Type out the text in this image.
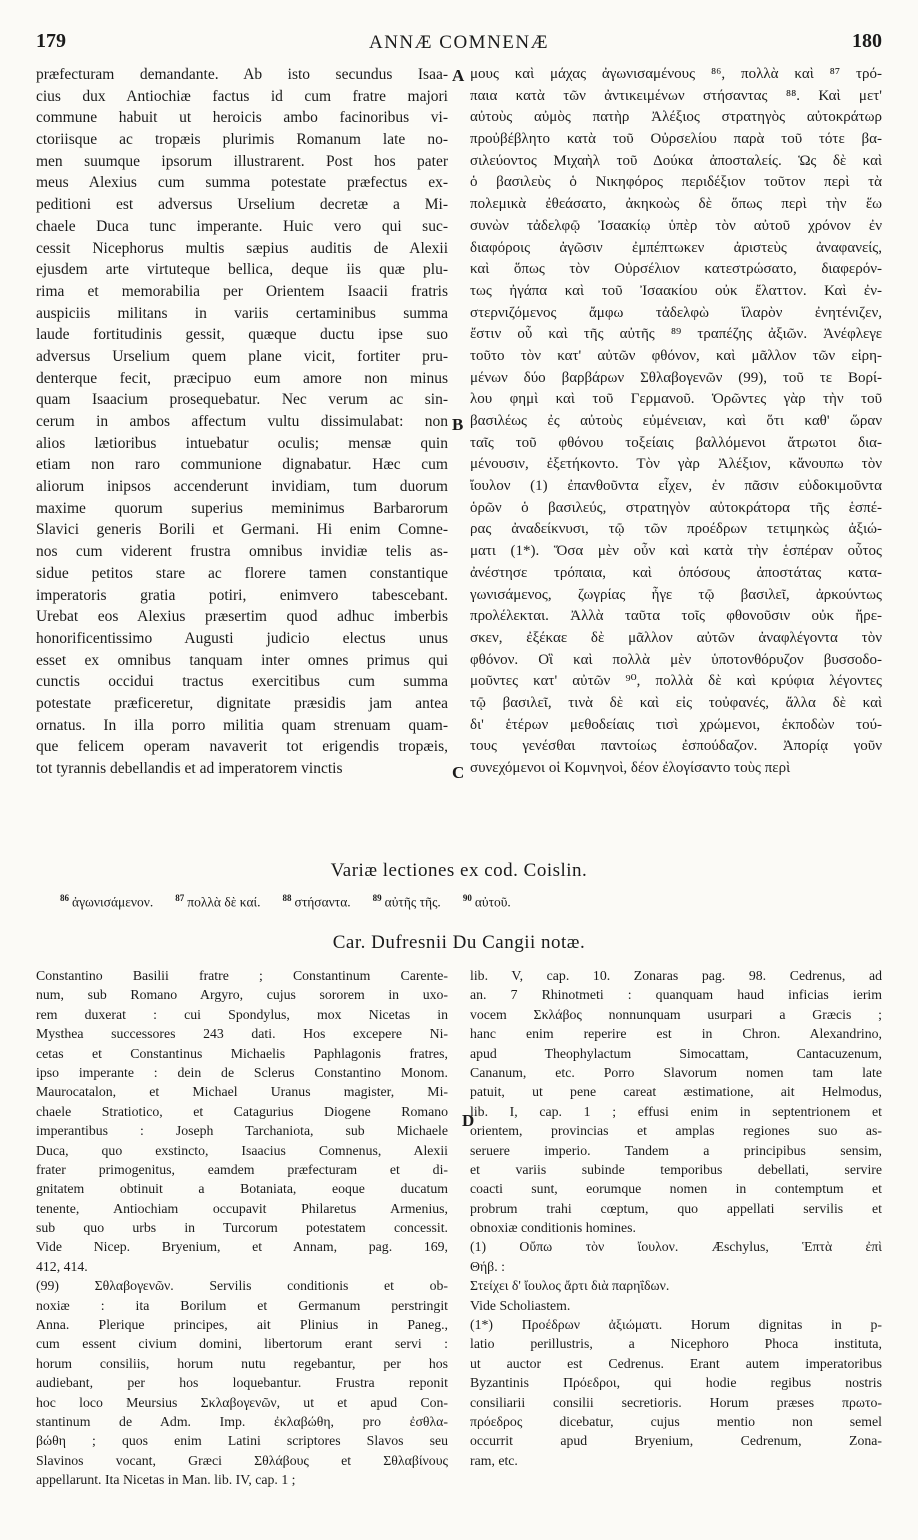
179	ANNÆ COMNENÆ	180
præfecturam demandante. Ab isto secundus Isaa-
cius dux Antiochiæ factus id cum fratre majori
commune habuit ut heroicis ambo facinoribus vi-
ctoriisque ac tropæis plurimis Romanum late no-
men suumque ipsorum illustrarent. Post hos pater
meus Alexius cum summa potestate præfectus ex-
peditioni est adversus Urselium decretæ a Mi-
chaele Duca tunc imperante. Huic vero qui suc-
cessit Nicephorus multis sæpius auditis de Alexii
ejusdem arte virtuteque bellica, deque iis quæ plu-
rima et memorabilia per Orientem Isaacii fratris
auspiciis militans in variis certaminibus summa
laude fortitudinis gessit, quæque ductu ipse suo
adversus Urselium quem plane vicit, fortiter pru-
denterque fecit, præcipuo eum amore non minus
quam Isaacium prosequebatur. Nec verum ac sin-
cerum in ambos affectum vultu dissimulabat: non
alios lætioribus intuebatur oculis; mensæ quin
etiam non raro communione dignabatur. Hæc cum
aliorum inipsos accenderunt invidiam, tum duorum
maxime quorum superius meminimus Barbarorum
Slavici generis Borili et Germani. Hi enim Comne-
nos cum viderent frustra omnibus invidiæ telis as-
sidue petitos stare ac florere tamen constantique
imperatoris gratia potiri, enimvero tabescebant.
Urebat eos Alexius præsertim quod adhuc imberbis
honorificentissimo Augusti judicio electus unus
esset ex omnibus tanquam inter omnes primus qui
cunctis occidui tractus exercitibus cum summa
potestate præficeretur, dignitate præsidis jam antea
ornatus. In illa porro militia quam strenuam quam-
que felicem operam navaverit tot erigendis tropæis,
tot tyrannis debellandis et ad imperatorem vinctis
μους καὶ μάχας ἀγωνισαμένους ⁸⁶, πολλὰ καὶ ⁸⁷ τρό-
παια κατὰ τῶν ἀντικειμένων στήσαντας ⁸⁸. Καὶ μετ'
αὐτοὺς αὐμὸς πατὴρ Ἀλέξιος στρατηγὸς αὐτοκράτωρ
προὐβέβλητο κατὰ τοῦ Οὐρσελίου παρὰ τοῦ τότε βα-
σιλεύοντος Μιχαὴλ τοῦ Δούκα ἀποσταλείς. Ὡς δὲ καὶ
ὁ βασιλεὺς ὁ Νικηφόρος περιδέξιον τοῦτον περὶ τὰ
πολεμικὰ ἐθεάσατο, ἀκηκοὼς δὲ ὅπως περὶ τὴν ἕω
συνὼν τἀδελφῷ Ἰσαακίῳ ὑπὲρ τὸν αὐτοῦ χρόνον ἐν
διαφόροις ἀγῶσιν ἐμπέπτωκεν ἀριστεὺς ἀναφανείς,
καὶ ὅπως τὸν Οὐρσέλιον κατεστρώσατο, διαφερόν-
τως ἠγάπα καὶ τοῦ Ἰσαακίου οὐκ ἔλαττον. Καὶ ἐν-
στερνιζόμενος ἄμφω τἀδελφὼ ἵλαρὸν ἐνητένιζεν,
ἔστιν οὗ καὶ τῆς αὐτῆς ⁸⁹ τραπέζης ἀξιῶν. Ἀνέφλεγε
τοῦτο τὸν κατ' αὐτῶν φθόνον, καὶ μᾶλλον τῶν εἰρη-
μένων δύο βαρβάρων Σθλαβογενῶν (99), τοῦ τε Βορί-
λου φημὶ καὶ τοῦ Γερμανοῦ. Ὁρῶντες γὰρ τὴν τοῦ
βασιλέως ἐς αὐτοὺς εὐμένειαν, καὶ ὅτι καθ' ὥραν
ταῖς τοῦ φθόνου τοξείαις βαλλόμενοι ἄτρωτοι δια-
μένουσιν, ἐξετήκοντο. Τὸν γὰρ Ἀλέξιον, κἄνουπω τὸν
ἴουλον (1) ἐπανθοῦντα εἶχεν, ἐν πᾶσιν εὐδοκιμοῦντα
ὁρῶν ὁ βασιλεύς, στρατηγὸν αὐτοκράτορα τῆς ἑσπέ-
ρας ἀναδείκνυσι, τῷ τῶν προέδρων τετιμηκὼς ἀξιώ-
ματι (1*). Ὅσα μὲν οὖν καὶ κατὰ τὴν ἑσπέραν οὗτος
ἀνέστησε τρόπαια, καὶ ὁπόσους ἀποστάτας κατα-
γωνισάμενος, ζωγρίας ἦγε τῷ βασιλεῖ, ἀρκούντως
προλέλεκται. Ἀλλὰ ταῦτα τοῖς φθονοῦσιν οὐκ ἤρε-
σκεν, ἐξέκαε δὲ μᾶλλον αὐτῶν ἀναφλέγοντα τὸν
φθόνον. Οἳ καὶ πολλὰ μὲν ὑποτονθόρυζον βυσσοδο-
μοῦντες κατ' αὐτῶν ⁹⁰, πολλὰ δὲ καὶ κρύφια λέγοντες
τῷ βασιλεῖ, τινὰ δὲ καὶ εἰς τοὐφανές, ἄλλα δὲ καὶ
δι' ἑτέρων μεθοδείαις τισὶ χρώμενοι, ἐκποδὼν τού-
τους γενέσθαι παντοίως ἐσπούδαζον. Ἀπορίᾳ γοῦν
συνεχόμενοι οἱ Κομνηνοὶ, δέον ἐλογίσαντο τοὺς περὶ
A
B
C
D
Variæ lectiones ex cod. Coislin.
$^{86}$ ἀγωνισάμενον. $^{87}$ πολλὰ δὲ καί. $^{88}$ στήσαντα. $^{89}$ αὐτῆς τῆς. $^{90}$ αὐτοῦ.
Car. Dufresnii Du Cangii notæ.
Constantino Basilii fratre ; Constantinum Carente-
num, sub Romano Argyro, cujus sororem in uxo-
rem duxerat : cui Spondylus, mox Nicetas in
Mysthea successores 243 dati. Hos excepere Ni-
cetas et Constantinus Michaelis Paphlagonis fratres,
ipso imperante : dein de Sclerus Constantino Monom.
Maurocatalon, et Michael Uranus magister, Mi-
chaele Stratiotico, et Catagurius Diogene Romano
imperantibus : Joseph Tarchaniota, sub Michaele
Duca, quo exstincto, Isaacius Comnenus, Alexii
frater primogenitus, eamdem præfecturam et di-
gnitatem obtinuit a Botaniata, eoque ducatum
tenente, Antiochiam occupavit Philaretus Armenius,
sub quo urbs in Turcorum potestatem concessit.
Vide Nicep. Bryenium, et Annam, pag. 169,
412, 414.
(99) Σθλαβογενῶν. Servilis conditionis et ob-
noxiæ : ita Borilum et Germanum perstringit
Anna. Plerique principes, ait Plinius in Paneg.,
cum essent civium domini, libertorum erant servi :
horum consiliis, horum nutu regebantur, per hos
audiebant, per hos loquebantur. Frustra reponit
hoc loco Meursius Σκλαβογενῶν, ut et apud Con-
stantinum de Adm. Imp. ἐκλαβώθη, pro ἐσθλα-
βώθη ; quos enim Latini scriptores Slavos seu
Slavinos vocant, Græci Σθλάβους et Σθλαβίνους
appellarunt. Ita Nicetas in Man. lib. IV, cap. 1 ;
lib. V, cap. 10. Zonaras pag. 98. Cedrenus, ad
an. 7 Rhinotmeti : quanquam haud inficias ierim
vocem Σκλάβος nonnunquam usurpari a Græcis ;
hanc enim reperire est in Chron. Alexandrino,
apud Theophylactum Simocattam, Cantacuzenum,
Cananum, etc. Porro Slavorum nomen tam late
patuit, ut pene careat æstimatione, ait Helmodus,
lib. I, cap. 1 ; effusi enim in septentrionem et
orientem, provincias et amplas regiones suo as-
seruere imperio. Tandem a principibus sensim,
et variis subinde temporibus debellati, servire
coacti sunt, eorumque nomen in contemptum et
probrum trahi cœptum, quo appellati servilis et
obnoxiæ conditionis homines.
(1) Οὔπω τὸν ἴουλον. Æschylus, Ἑπτὰ ἐπὶ
Θήβ. :
Στείχει δ' ἴουλος ἄρτι διὰ παρηΐδων.
Vide Scholiastem.
(1*) Προέδρων ἀξιώματι. Horum dignitas in p-
latio perillustris, a Nicephoro Phoca instituta,
ut auctor est Cedrenus. Erant autem imperatoribus
Byzantinis Πρόεδροι, qui hodie regibus nostris
consiliarii consilii secretioris. Horum præses πρωτο-
πρόεδρος dicebatur, cujus mentio non semel
occurrit apud Bryenium, Cedrenum, Zona-
ram, etc.
